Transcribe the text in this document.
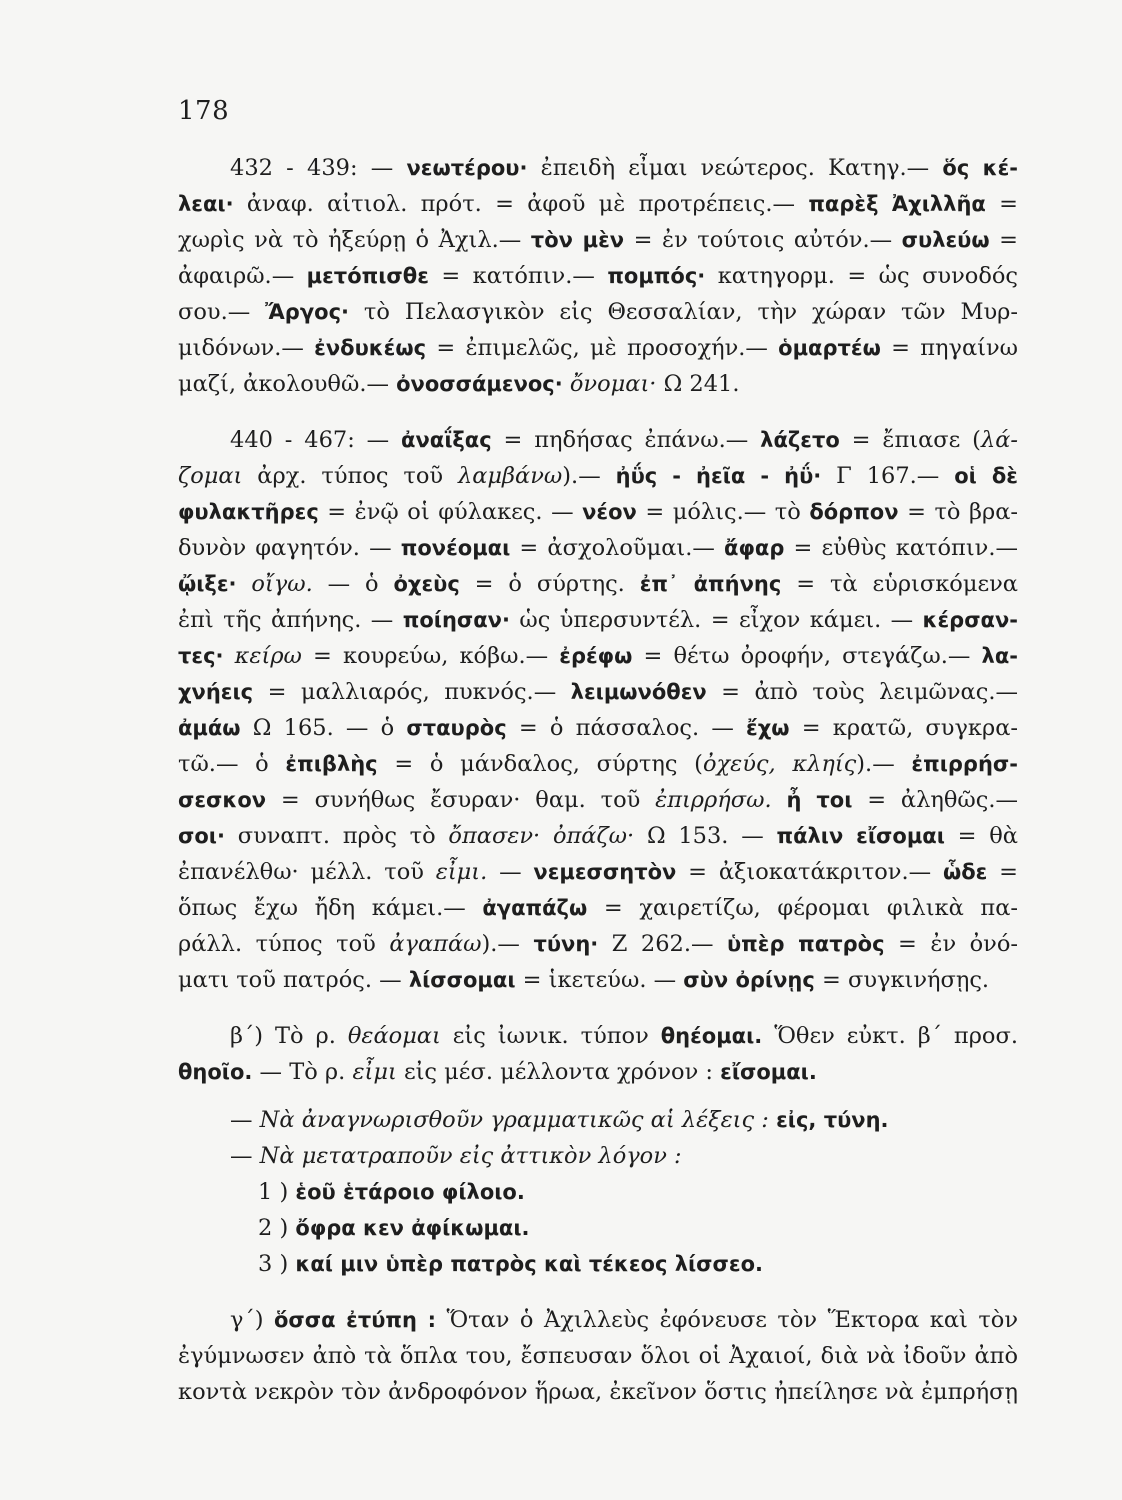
178
432 - 439: — νεωτέρου· ἐπειδὴ εἶμαι νεώτερος. Κατηγ.— ὅς κέ-
λεαι· ἀναφ. αἰτιολ. πρότ. = ἀφοῦ μὲ προτρέπεις.— παρὲξ Ἀχιλλῆα =
χωρὶς νὰ τὸ ἠξεύρῃ ὁ Ἀχιλ.— τὸν μὲν = ἐν τούτοις αὐτόν.— συλεύω =
ἀφαιρῶ.— μετόπισθε = κατόπιν.— πομπός· κατηγορμ. = ὡς συνοδός
σου.— Ἄργος· τὸ Πελασγικὸν εἰς Θεσσαλίαν, τὴν χώραν τῶν Μυρ-
μιδόνων.— ἐνδυκέως = ἐπιμελῶς, μὲ προσοχήν.— ὁμαρτέω = πηγαίνω
μαζί, ἀκολουθῶ.— ὀνοσσάμενος· ὄνομαι· Ω 241.
440 - 467: — ἀναΐξας = πηδήσας ἐπάνω.— λάζετο = ἔπιασε (λά-
ζομαι ἀρχ. τύπος τοῦ λαμβάνω).— ἠΰς - ἠεῖα - ἠΰ· Γ 167.— οἱ δὲ
φυλακτῆρες = ἐνῷ οἱ φύλακες. — νέον = μόλις.— τὸ δόρπον = τὸ βρα-
δυνὸν φαγητόν. — πονέομαι = ἀσχολοῦμαι.— ἄφαρ = εὐθὺς κατόπιν.—
ᾤιξε· οἴγω. — ὁ ὀχεὺς = ὁ σύρτης. ἐπ᾽ ἀπήνης = τὰ εὑρισκόμενα
ἐπὶ τῆς ἀπήνης. — ποίησαν· ὡς ὑπερσυντέλ. = εἶχον κάμει. — κέρσαν-
τες· κείρω = κουρεύω, κόβω.— ἐρέφω = θέτω ὀροφήν, στεγάζω.— λα-
χνήεις = μαλλιαρός, πυκνός.— λειμωνόθεν = ἀπὸ τοὺς λειμῶνας.—
ἀμάω Ω 165. — ὁ σταυρὸς = ὁ πάσσαλος. — ἔχω = κρατῶ, συγκρα-
τῶ.— ὁ ἐπιβλὴς = ὁ μάνδαλος, σύρτης (ὀχεύς, κληίς).— ἐπιρρήσ-
σεσκον = συνήθως ἔσυραν· θαμ. τοῦ ἐπιρρήσω. ἦ τοι = ἀληθῶς.—
σοι· συναπτ. πρὸς τὸ ὄπασεν· ὀπάζω· Ω 153. — πάλιν εἴσομαι = θὰ
ἐπανέλθω· μέλλ. τοῦ εἶμι. — νεμεσσητὸν = ἀξιοκατάκριτον.— ὧδε =
ὅπως ἔχω ἤδη κάμει.— ἀγαπάζω = χαιρετίζω, φέρομαι φιλικὰ πα-
ράλλ. τύπος τοῦ ἀγαπάω).— τύνη· Ζ 262.— ὑπὲρ πατρὸς = ἐν ὀνό-
ματι τοῦ πατρός. — λίσσομαι = ἱκετεύω. — σὺν ὀρίνῃς = συγκινήσῃς.
β´) Τὸ ρ. θεάομαι εἰς ἰωνικ. τύπον θηέομαι. Ὅθεν εὐκτ. β´ προσ.
θηοῖο. — Τὸ ρ. εἶμι εἰς μέσ. μέλλοντα χρόνον : εἴσομαι.
— Νὰ ἀναγνωρισθοῦν γραμματικῶς αἱ λέξεις : εἰς, τύνη.
— Νὰ μετατραποῦν εἰς ἀττικὸν λόγον :
1 ) ἑοῦ ἑτάροιο φίλοιο.
2 ) ὄφρα κεν ἀφίκωμαι.
3 ) καί μιν ὑπὲρ πατρὸς καὶ τέκεος λίσσεο.
γ´) ὅσσα ἐτύπη : Ὅταν ὁ Ἀχιλλεὺς ἐφόνευσε τὸν Ἕκτορα καὶ τὸν
ἐγύμνωσεν ἀπὸ τὰ ὅπλα του, ἔσπευσαν ὅλοι οἱ Ἀχαιοί, διὰ νὰ ἰδοῦν ἀπὸ
κοντὰ νεκρὸν τὸν ἀνδροφόνον ἥρωα, ἐκεῖνον ὅστις ἠπείλησε νὰ ἐμπρήσῃ
